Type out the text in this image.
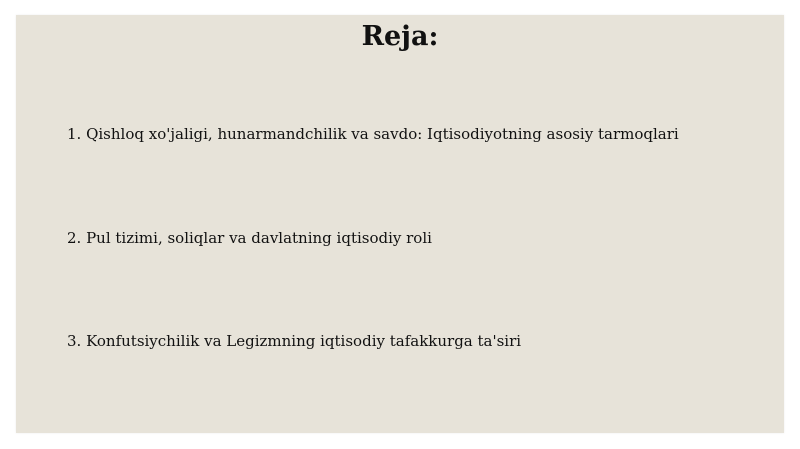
Reja:
1. Qishloq xo'jaligi, hunarmandchilik va savdo: Iqtisodiyotning asosiy tarmoqlari
2. Pul tizimi, soliqlar va davlatning iqtisodiy roli
3. Konfutsiychilik va Legizmning iqtisodiy tafakkurga ta'siri
